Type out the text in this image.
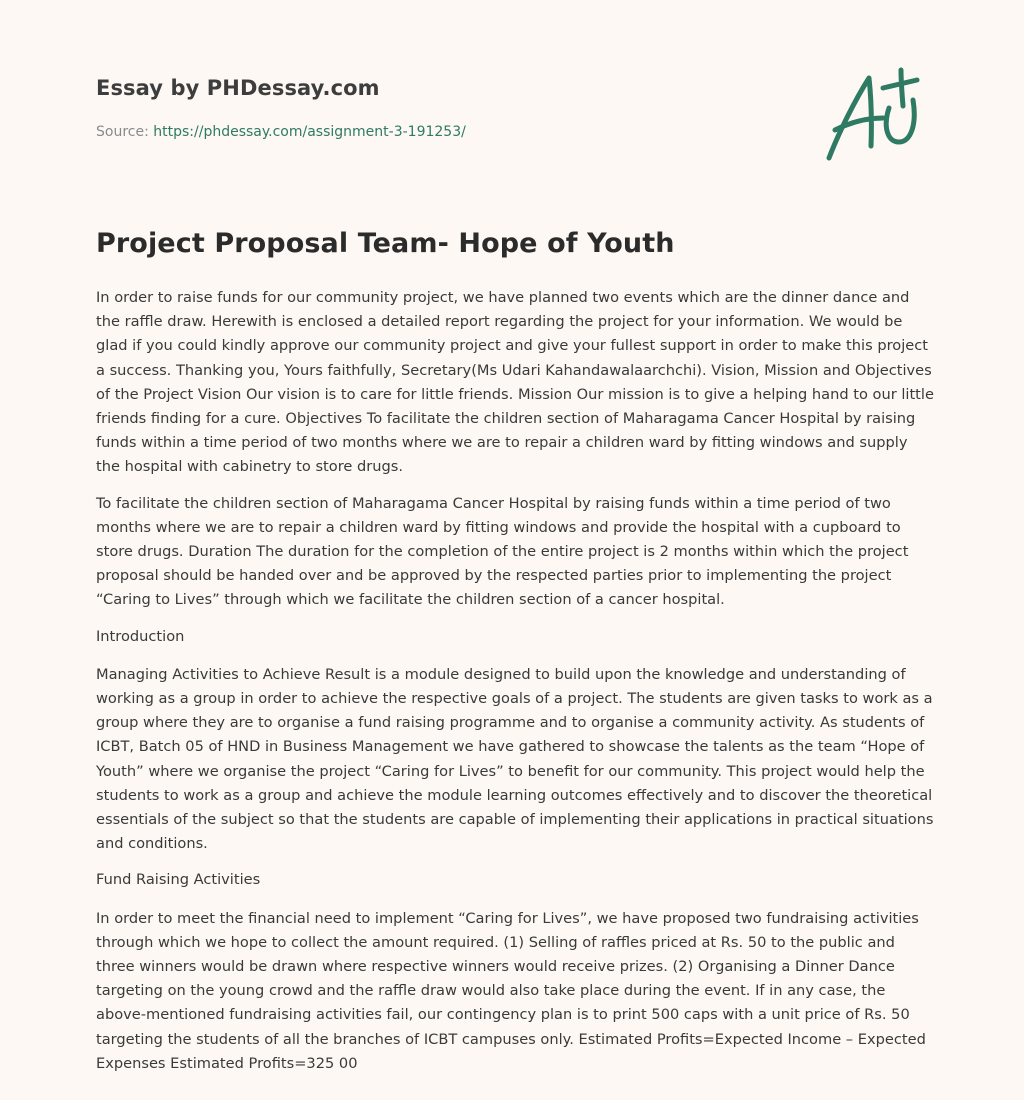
Essay by PHDessay.com
Source: https://phdessay.com/assignment-3-191253/
Project Proposal Team- Hope of Youth

In order to raise funds for our community project, we have planned two events which are the dinner dance and the raffle draw. Herewith is enclosed a detailed report regarding the project for your information. We would be glad if you could kindly approve our community project and give your fullest support in order to make this project a success. Thanking you, Yours faithfully, Secretary(Ms Udari Kahandawalaarchchi). Vision, Mission and Objectives of the Project Vision Our vision is to care for little friends. Mission Our mission is to give a helping hand to our little friends finding for a cure. Objectives To facilitate the children section of Maharagama Cancer Hospital by raising funds within a time period of two months where we are to repair a children ward by fitting windows and supply the hospital with cabinetry to store drugs.

To facilitate the children section of Maharagama Cancer Hospital by raising funds within a time period of two months where we are to repair a children ward by fitting windows and provide the hospital with a cupboard to store drugs. Duration The duration for the completion of the entire project is 2 months within which the project proposal should be handed over and be approved by the respected parties prior to implementing the project “Caring to Lives” through which we facilitate the children section of a cancer hospital.

Introduction

Managing Activities to Achieve Result is a module designed to build upon the knowledge and understanding of working as a group in order to achieve the respective goals of a project. The students are given tasks to work as a group where they are to organise a fund raising programme and to organise a community activity. As students of ICBT, Batch 05 of HND in Business Management we have gathered to showcase the talents as the team “Hope of Youth” where we organise the project “Caring for Lives” to benefit for our community. This project would help the students to work as a group and achieve the module learning outcomes effectively and to discover the theoretical essentials of the subject so that the students are capable of implementing their applications in practical situations and conditions.

Fund Raising Activities

In order to meet the financial need to implement “Caring for Lives”, we have proposed two fundraising activities through which we hope to collect the amount required. (1) Selling of raffles priced at Rs. 50 to the public and three winners would be drawn where respective winners would receive prizes. (2) Organising a Dinner Dance targeting on the young crowd and the raffle draw would also take place during the event. If in any case, the above-mentioned fundraising activities fail, our contingency plan is to print 500 caps with a unit price of Rs. 50 targeting the students of all the branches of ICBT campuses only. Estimated Profits=Expected Income – Expected Expenses Estimated Profits=325 00
